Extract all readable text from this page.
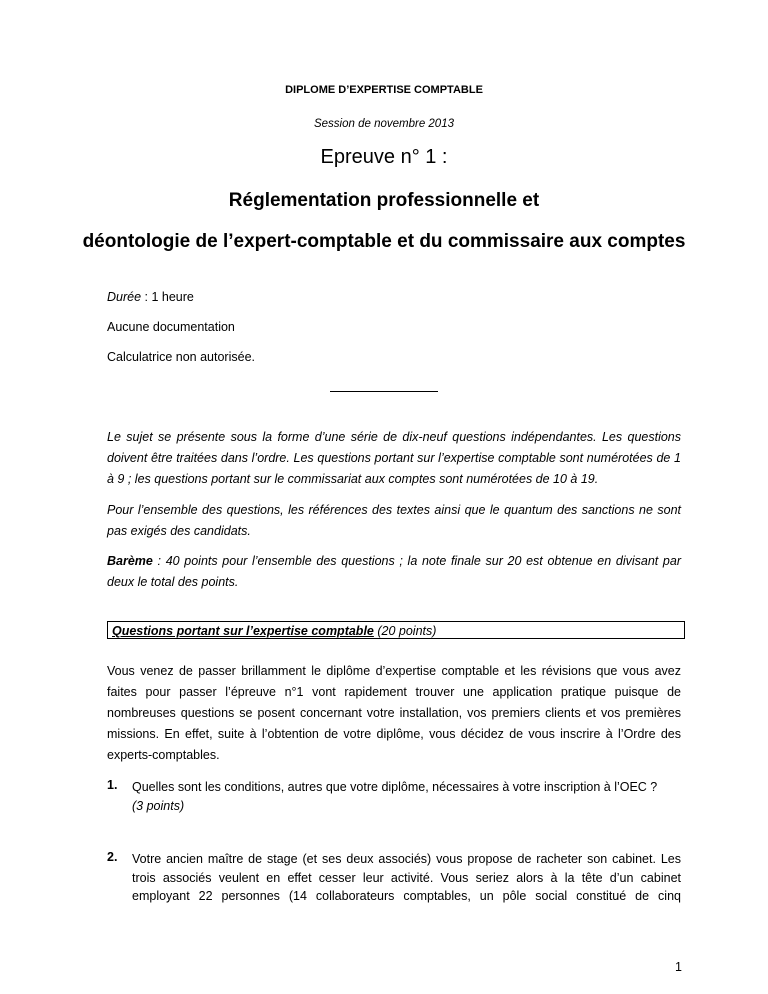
DIPLOME D’EXPERTISE COMPTABLE
Session de novembre 2013
Epreuve n° 1 :
Réglementation professionnelle et
déontologie de l’expert-comptable et du commissaire aux comptes
Durée : 1 heure
Aucune documentation
Calculatrice non autorisée.
Le sujet se présente sous la forme d’une série de dix-neuf questions indépendantes. Les questions doivent être traitées dans l’ordre. Les questions portant sur l’expertise comptable sont numérotées de 1 à 9 ; les questions portant sur le commissariat aux comptes sont numérotées de 10 à 19.
Pour l’ensemble des questions, les références des textes ainsi que le quantum des sanctions ne sont pas exigés des candidats.
Barème : 40 points pour l’ensemble des questions ; la note finale sur 20 est obtenue en divisant par deux le total des points.
Questions portant sur l’expertise comptable (20 points)
Vous venez de passer brillamment le diplôme d’expertise comptable et les révisions que vous avez faites pour passer l’épreuve n°1 vont rapidement trouver une application pratique puisque de nombreuses questions se posent concernant votre installation, vos premiers clients et vos premières missions. En effet, suite à l’obtention de votre diplôme, vous décidez de vous inscrire à l’Ordre des experts-comptables.
1. Quelles sont les conditions, autres que votre diplôme, nécessaires à votre inscription à l’OEC ?
(3 points)
2. Votre ancien maître de stage (et ses deux associés) vous propose de racheter son cabinet. Les trois associés veulent en effet cesser leur activité. Vous seriez alors à la tête d’un cabinet employant 22 personnes (14 collaborateurs comptables, un pôle social constitué de cinq
1
